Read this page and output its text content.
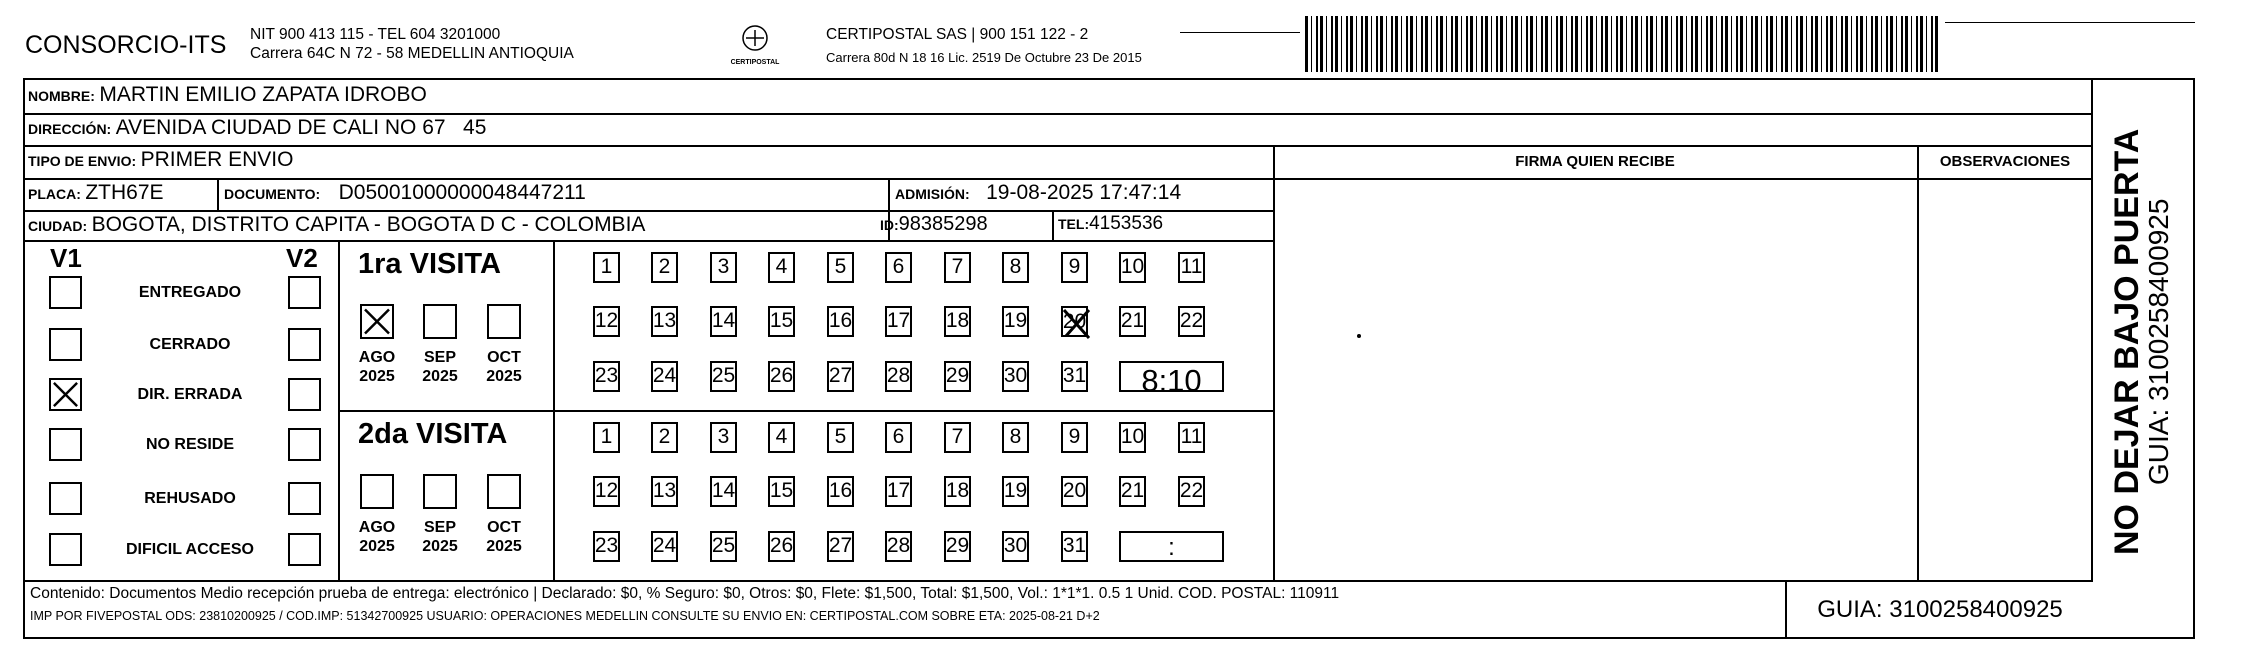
CONSORCIO-ITS NIT 900 413 115 - TEL 604 3201000
Carrera 64C N 72 - 58 MEDELLIN ANTIOQUIA
CERTIPOSTAL
CERTIPOSTAL SAS | 900 151 122 - 2
Carrera 80d N 18 16 Lic. 2519 De Octubre 23 De 2015
NOMBRE: MARTIN EMILIO ZAPATA IDROBO
DIRECCIÓN: AVENIDA CIUDAD DE CALI NO 67   45
TIPO DE ENVIO: PRIMER ENVIO
PLACA: ZTH67E	DOCUMENTO: D05001000000048447211	ADMISIÓN: 19-08-2025 17:47:14
CIUDAD: BOGOTA, DISTRITO CAPITA - BOGOTA D C - COLOMBIA	ID:98385298	TEL:4153536
FIRMA QUIEN RECIBE	OBSERVACIONES
V1	V2
ENTREGADO
CERRADO
DIR. ERRADA
NO RESIDE
REHUSADO
DIFICIL ACCESO
1ra VISITA
AGO
2025
SEP
2025
OCT
2025
1	2	3	4	5	6	7	8	9	10 11
12 13 14 15 16 17 18 19 20 21 22
23 24 25 26 27 28 29 30 31	8:10
2da VISITA
AGO
2025
SEP
2025
OCT
2025
1	2	3	4	5	6	7	8	9	10 11
12 13 14 15 16 17 18 19 20 21 22
23 24 25 26 27 28 29 30 31	:
Contenido: Documentos Medio recepción prueba de entrega: electrónico | Declarado: $0, % Seguro: $0, Otros: $0, Flete: $1,500, Total: $1,500, Vol.: 1*1*1. 0.5 1 Unid. COD. POSTAL: 110911
IMP POR FIVEPOSTAL ODS: 23810200925 / COD.IMP: 51342700925 USUARIO: OPERACIONES MEDELLIN CONSULTE SU ENVIO EN: CERTIPOSTAL.COM SOBRE ETA: 2025-08-21 D+2	GUIA: 3100258400925
NO DEJAR BAJO PUERTA
GUIA: 3100258400925
